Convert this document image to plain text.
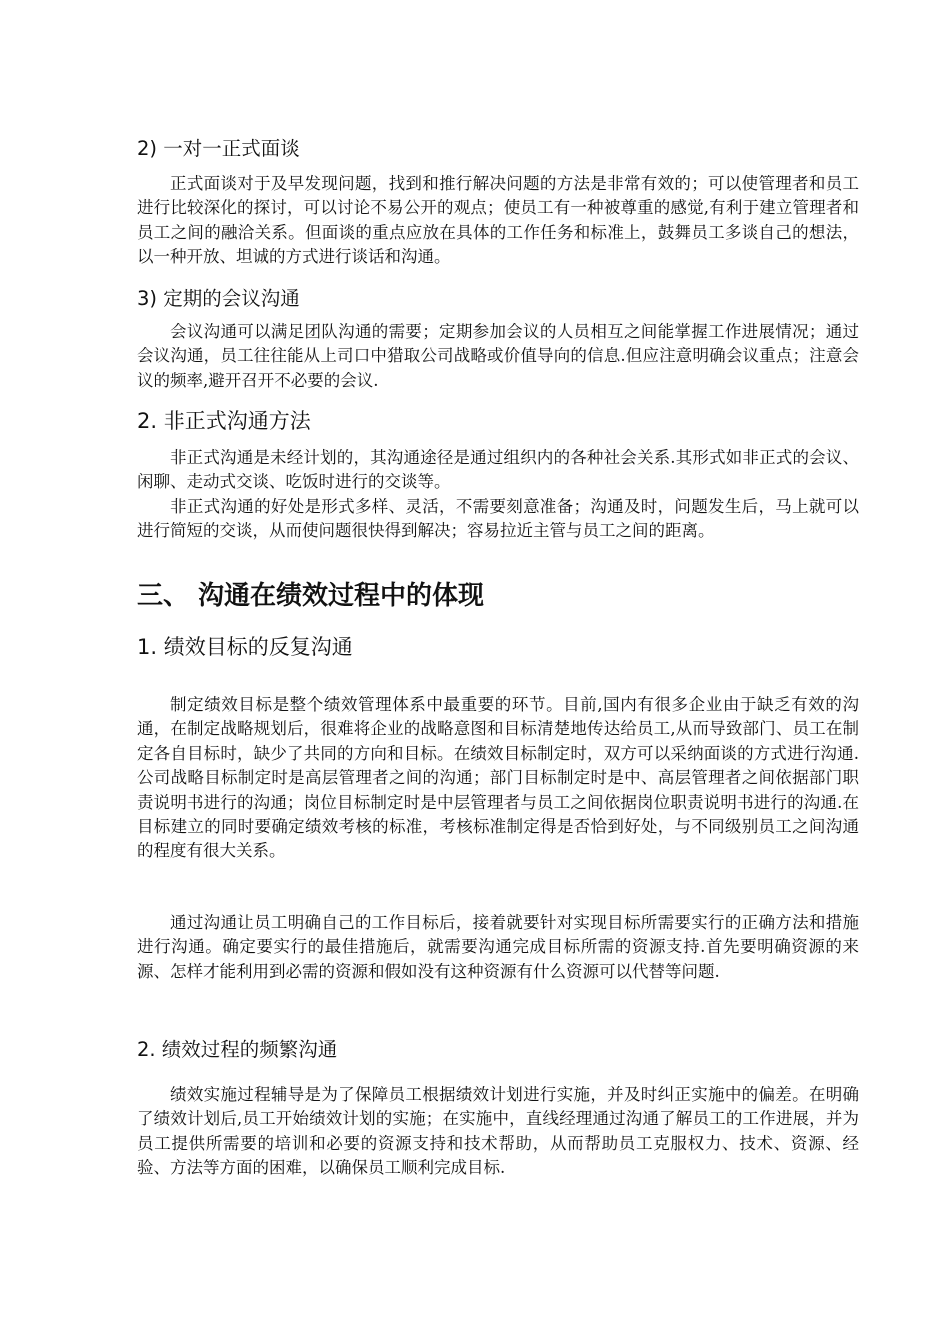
2) 一对一正式面谈

正式面谈对于及早发现问题，找到和推行解决问题的方法是非常有效的；可以使管理者和员工进行比较深化的探讨，可以讨论不易公开的观点；使员工有一种被尊重的感觉,有利于建立管理者和员工之间的融洽关系。但面谈的重点应放在具体的工作任务和标准上，鼓舞员工多谈自己的想法，以一种开放、坦诚的方式进行谈话和沟通。

3) 定期的会议沟通

会议沟通可以满足团队沟通的需要；定期参加会议的人员相互之间能掌握工作进展情况；通过会议沟通，员工往往能从上司口中猎取公司战略或价值导向的信息.但应注意明确会议重点；注意会议的频率,避开召开不必要的会议.

2. 非正式沟通方法

非正式沟通是未经计划的，其沟通途径是通过组织内的各种社会关系.其形式如非正式的会议、闲聊、走动式交谈、吃饭时进行的交谈等。

非正式沟通的好处是形式多样、灵活，不需要刻意准备；沟通及时，问题发生后，马上就可以进行简短的交谈，从而使问题很快得到解决；容易拉近主管与员工之间的距离。

三、 沟通在绩效过程中的体现
1. 绩效目标的反复沟通

制定绩效目标是整个绩效管理体系中最重要的环节。目前,国内有很多企业由于缺乏有效的沟通，在制定战略规划后，很难将企业的战略意图和目标清楚地传达给员工,从而导致部门、员工在制定各自目标时，缺少了共同的方向和目标。在绩效目标制定时，双方可以采纳面谈的方式进行沟通.公司战略目标制定时是高层管理者之间的沟通；部门目标制定时是中、高层管理者之间依据部门职责说明书进行的沟通；岗位目标制定时是中层管理者与员工之间依据岗位职责说明书进行的沟通.在目标建立的同时要确定绩效考核的标准，考核标准制定得是否恰到好处，与不同级别员工之间沟通的程度有很大关系。

通过沟通让员工明确自己的工作目标后，接着就要针对实现目标所需要实行的正确方法和措施进行沟通。确定要实行的最佳措施后，就需要沟通完成目标所需的资源支持.首先要明确资源的来源、怎样才能利用到必需的资源和假如没有这种资源有什么资源可以代替等问题.

2. 绩效过程的频繁沟通

绩效实施过程辅导是为了保障员工根据绩效计划进行实施，并及时纠正实施中的偏差。在明确了绩效计划后,员工开始绩效计划的实施；在实施中，直线经理通过沟通了解员工的工作进展，并为员工提供所需要的培训和必要的资源支持和技术帮助，从而帮助员工克服权力、技术、资源、经验、方法等方面的困难，以确保员工顺利完成目标.
